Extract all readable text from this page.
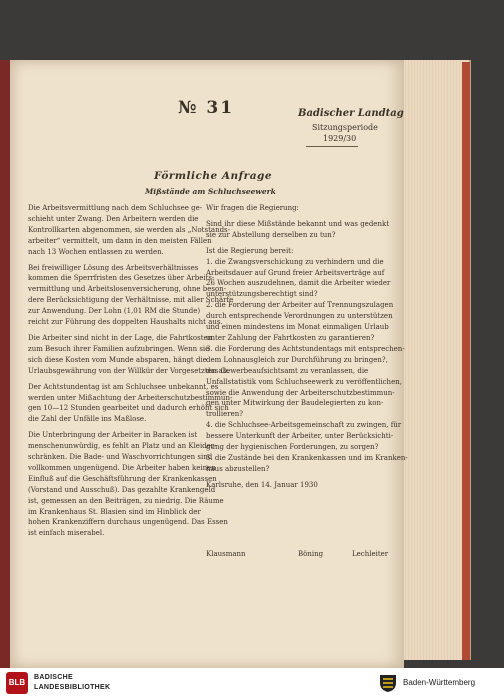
№ 31	Badischer Landtag
Sitzungsperiode
1929/30
Förmliche Anfrage
Mißstände am Schluchseewerk
Die Arbeitsvermittlung nach dem Schluchsee ge-
schieht unter Zwang. Den Arbeitern werden die
Kontrollkarten abgenommen, sie werden als „Notstands-
arbeiter“ vermittelt, um dann in den meisten Fällen
nach 13 Wochen entlassen zu werden.
Bei freiwilliger Lösung des Arbeitsverhältnisses
kommen die Sperrfristen des Gesetzes über Arbeits-
vermittlung und Arbeitslosenversicherung, ohne beson-
dere Berücksichtigung der Verhältnisse, mit aller Schärfe
zur Anwendung. Der Lohn (1,01 RM die Stunde)
reicht zur Führung des doppelten Haushalts nicht aus.
Die Arbeiter sind nicht in der Lage, die Fahrtkosten
zum Besuch ihrer Familien aufzubringen. Wenn sie
sich diese Kosten vom Munde absparen, hängt die
Urlaubsgewährung von der Willkür der Vorgesetzten ab.
Der Achtstundentag ist am Schluchsee unbekannt, es
werden unter Mißachtung der Arbeiterschutzbestimmun-
gen 10—12 Stunden gearbeitet und dadurch erhöht sich
die Zahl der Unfälle ins Maßlose.
Die Unterbringung der Arbeiter in Baracken ist
menschenunwürdig, es fehlt an Platz und an Kleider-
schränken. Die Bade- und Waschvorrichtungen sind
vollkommen ungenügend. Die Arbeiter haben keinen
Einfluß auf die Geschäftsführung der Krankenkassen
(Vorstand und Ausschuß). Das gezahlte Krankengeld
ist, gemessen an den Beiträgen, zu niedrig. Die Räume
im Krankenhaus St. Blasien sind im Hinblick der
hohen Krankenziffern durchaus ungenügend. Das Essen
ist einfach miserabel.
Wir fragen die Regierung:
Sind ihr diese Mißstände bekannt und was gedenkt
sie zur Abstellung derselben zu tun?
Ist die Regierung bereit:
1. die Zwangsverschickung zu verhindern und die
Arbeitsdauer auf Grund freier Arbeitsverträge auf
26 Wochen auszudehnen, damit die Arbeiter wieder
unterstützungsberechtigt sind?
2. die Forderung der Arbeiter auf Trennungszulagen
durch entsprechende Verordnungen zu unterstützen
und einen mindestens im Monat einmaligen Urlaub
unter Zahlung der Fahrtkosten zu garantieren?
3. die Forderung des Achtstundentags mit entsprechen-
dem Lohnausgleich zur Durchführung zu bringen?,
das Gewerbeaufsichtsamt zu veranlassen, die
Unfallstatistik vom Schluchseewerk zu veröffentlichen,
sowie die Anwendung der Arbeiterschutzbestimmun-
gen unter Mitwirkung der Baudelegierten zu kon-
trollieren?
4. die Schluchsee-Arbeitsgemeinschaft zu zwingen, für
bessere Unterkunft der Arbeiter, unter Berücksichti-
gung der hygienischen Forderungen, zu sorgen?
5. die Zustände bei den Krankenkassen und im Kranken-
haus abzustellen?
Karlsruhe, den 14. Januar 1930
Klausmann	Böning	Lechleiter
BLB
BADISCHE
LANDESBIBLIOTHEK
Baden-Württemberg
